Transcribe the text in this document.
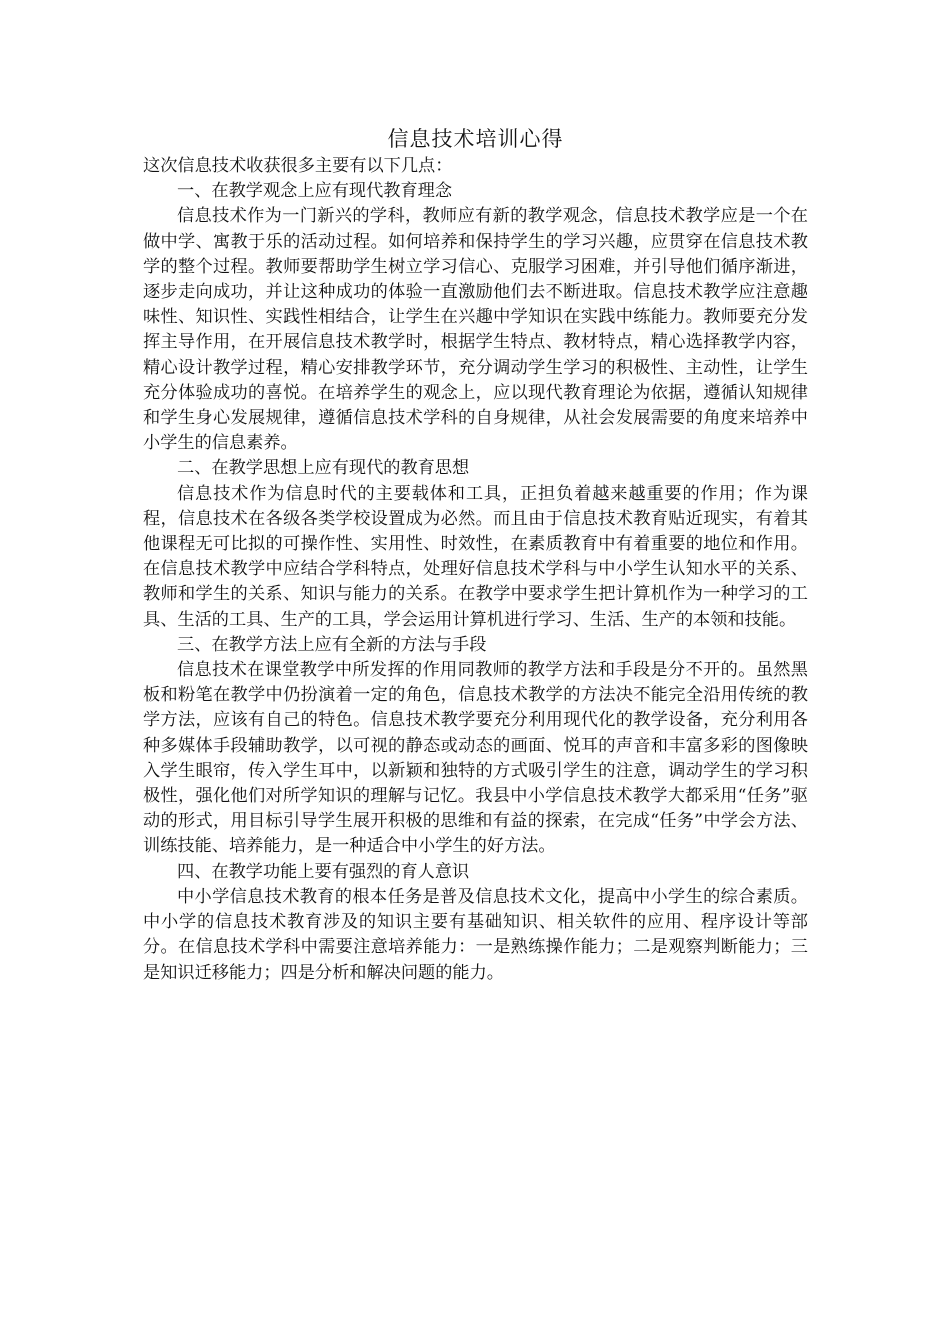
信息技术培训心得

这次信息技术收获很多主要有以下几点：

一、在教学观念上应有现代教育理念

信息技术作为一门新兴的学科，教师应有新的教学观念，信息技术教学应是一个在做中学、寓教于乐的活动过程。如何培养和保持学生的学习兴趣，应贯穿在信息技术教学的整个过程。教师要帮助学生树立学习信心、克服学习困难，并引导他们循序渐进，逐步走向成功，并让这种成功的体验一直激励他们去不断进取。信息技术教学应注意趣味性、知识性、实践性相结合，让学生在兴趣中学知识在实践中练能力。教师要充分发挥主导作用，在开展信息技术教学时，根据学生特点、教材特点，精心选择教学内容，精心设计教学过程，精心安排教学环节，充分调动学生学习的积极性、主动性，让学生充分体验成功的喜悦。在培养学生的观念上，应以现代教育理论为依据，遵循认知规律和学生身心发展规律，遵循信息技术学科的自身规律，从社会发展需要的角度来培养中小学生的信息素养。

二、在教学思想上应有现代的教育思想

信息技术作为信息时代的主要载体和工具，正担负着越来越重要的作用；作为课程，信息技术在各级各类学校设置成为必然。而且由于信息技术教育贴近现实，有着其他课程无可比拟的可操作性、实用性、时效性，在素质教育中有着重要的地位和作用。在信息技术教学中应结合学科特点，处理好信息技术学科与中小学生认知水平的关系、教师和学生的关系、知识与能力的关系。在教学中要求学生把计算机作为一种学习的工具、生活的工具、生产的工具，学会运用计算机进行学习、生活、生产的本领和技能。

三、在教学方法上应有全新的方法与手段

信息技术在课堂教学中所发挥的作用同教师的教学方法和手段是分不开的。虽然黑板和粉笔在教学中仍扮演着一定的角色，信息技术教学的方法决不能完全沿用传统的教学方法，应该有自己的特色。信息技术教学要充分利用现代化的教学设备，充分利用各种多媒体手段辅助教学，以可视的静态或动态的画面、悦耳的声音和丰富多彩的图像映入学生眼帘，传入学生耳中，以新颖和独特的方式吸引学生的注意，调动学生的学习积极性，强化他们对所学知识的理解与记忆。我县中小学信息技术教学大都采用“任务”驱动的形式，用目标引导学生展开积极的思维和有益的探索，在完成“任务”中学会方法、训练技能、培养能力，是一种适合中小学生的好方法。

四、在教学功能上要有强烈的育人意识

中小学信息技术教育的根本任务是普及信息技术文化，提高中小学生的综合素质。中小学的信息技术教育涉及的知识主要有基础知识、相关软件的应用、程序设计等部分。在信息技术学科中需要注意培养能力：一是熟练操作能力；二是观察判断能力；三是知识迁移能力；四是分析和解决问题的能力。
